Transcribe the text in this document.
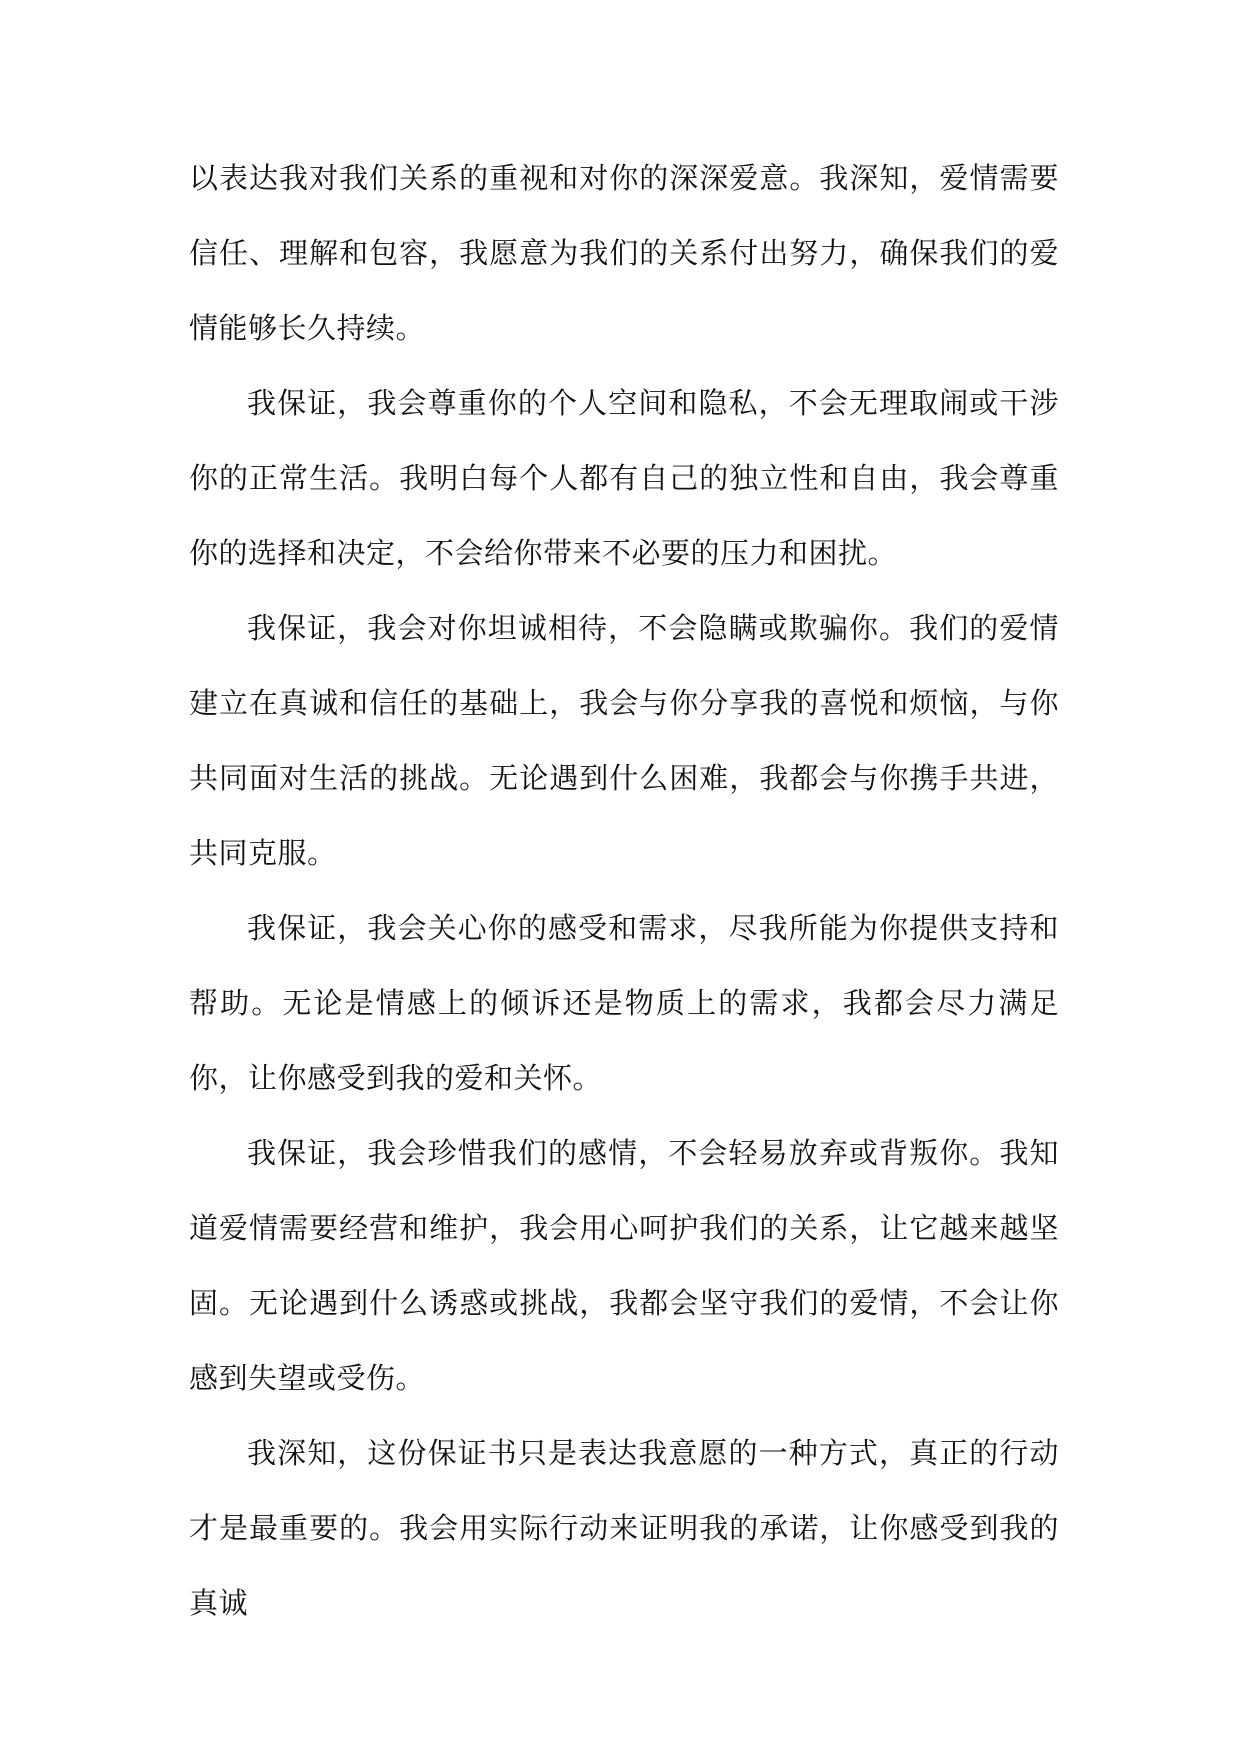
以表达我对我们关系的重视和对你的深深爱意。我深知，爱情需要信任、理解和包容，我愿意为我们的关系付出努力，确保我们的爱情能够长久持续。

我保证，我会尊重你的个人空间和隐私，不会无理取闹或干涉你的正常生活。我明白每个人都有自己的独立性和自由，我会尊重你的选择和决定，不会给你带来不必要的压力和困扰。

我保证，我会对你坦诚相待，不会隐瞒或欺骗你。我们的爱情建立在真诚和信任的基础上，我会与你分享我的喜悦和烦恼，与你共同面对生活的挑战。无论遇到什么困难，我都会与你携手共进，共同克服。

我保证，我会关心你的感受和需求，尽我所能为你提供支持和帮助。无论是情感上的倾诉还是物质上的需求，我都会尽力满足你，让你感受到我的爱和关怀。

我保证，我会珍惜我们的感情，不会轻易放弃或背叛你。我知道爱情需要经营和维护，我会用心呵护我们的关系，让它越来越坚固。无论遇到什么诱惑或挑战，我都会坚守我们的爱情，不会让你感到失望或受伤。

我深知，这份保证书只是表达我意愿的一种方式，真正的行动才是最重要的。我会用实际行动来证明我的承诺，让你感受到我的真诚
